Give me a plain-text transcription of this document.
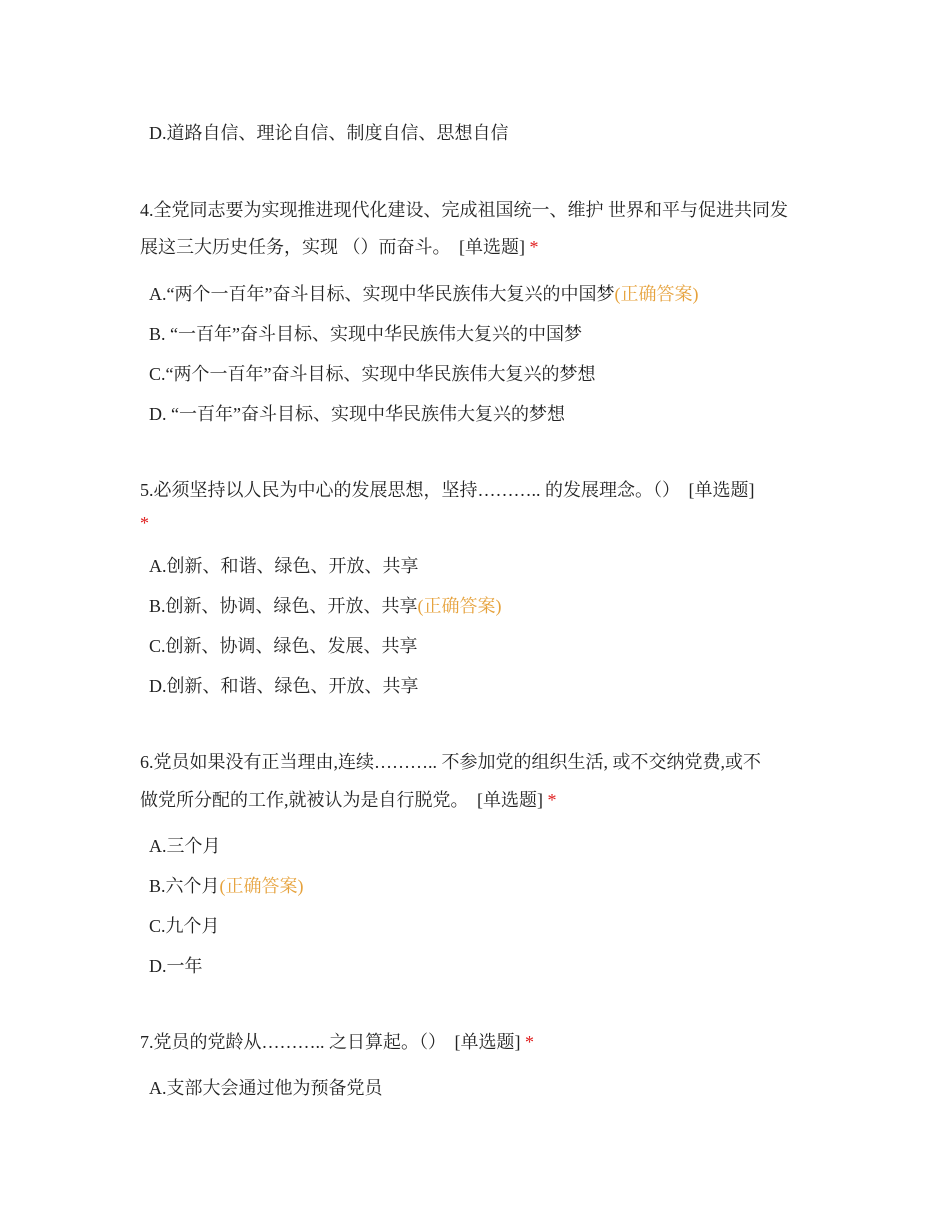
D.道路自信、理论自信、制度自信、思想自信
4.全党同志要为实现推进现代化建设、完成祖国统一、维护 世界和平与促进共同发
展这三大历史任务，实现 （）而奋斗。 [单选题] *
A.“两个一百年”奋斗目标、实现中华民族伟大复兴的中国梦(正确答案)
B. “一百年”奋斗目标、实现中华民族伟大复兴的中国梦
C.“两个一百年”奋斗目标、实现中华民族伟大复兴的梦想
D. “一百年”奋斗目标、实现中华民族伟大复兴的梦想
5.必须坚持以人民为中心的发展思想，坚持……….. 的发展理念。（） [单选题]
*
A.创新、和谐、绿色、开放、共享
B.创新、协调、绿色、开放、共享(正确答案)
C.创新、协调、绿色、发展、共享
D.创新、和谐、绿色、开放、共享
6.党员如果没有正当理由,连续……….. 不参加党的组织生活, 或不交纳党费,或不
做党所分配的工作,就被认为是自行脱党。 [单选题] *
A.三个月
B.六个月(正确答案)
C.九个月
D.一年
7.党员的党龄从……….. 之日算起。（） [单选题] *
A.支部大会通过他为预备党员
